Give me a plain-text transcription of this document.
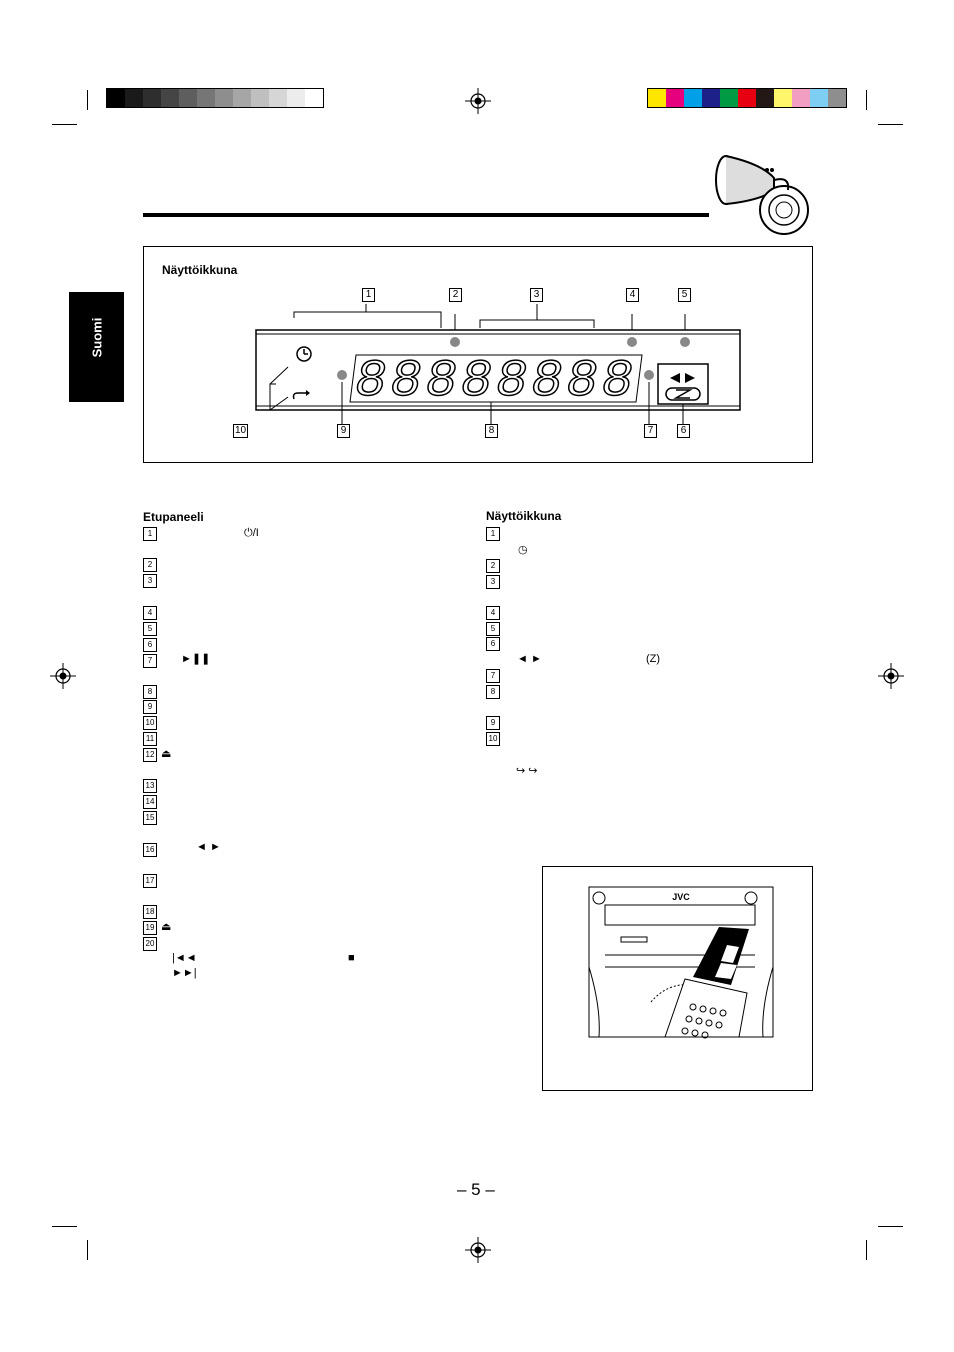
Suomi
Näyttöikkuna
1	2	3	4	5
88888888
10	9	8	7	6
Etupaneeli
1
2
3
4
5
6
7
8
9
10
11
12
13
14
15
16
17
18
19
20
⏻/I
►❚❚
⏏
◄ ►
⏏
|◄◄	■
►►|
Näyttöikkuna
1
2
3
4
5
6
7
8
9
10
◷
◄ ►	(Z)
↪ ↪
JVC
– 5 –
